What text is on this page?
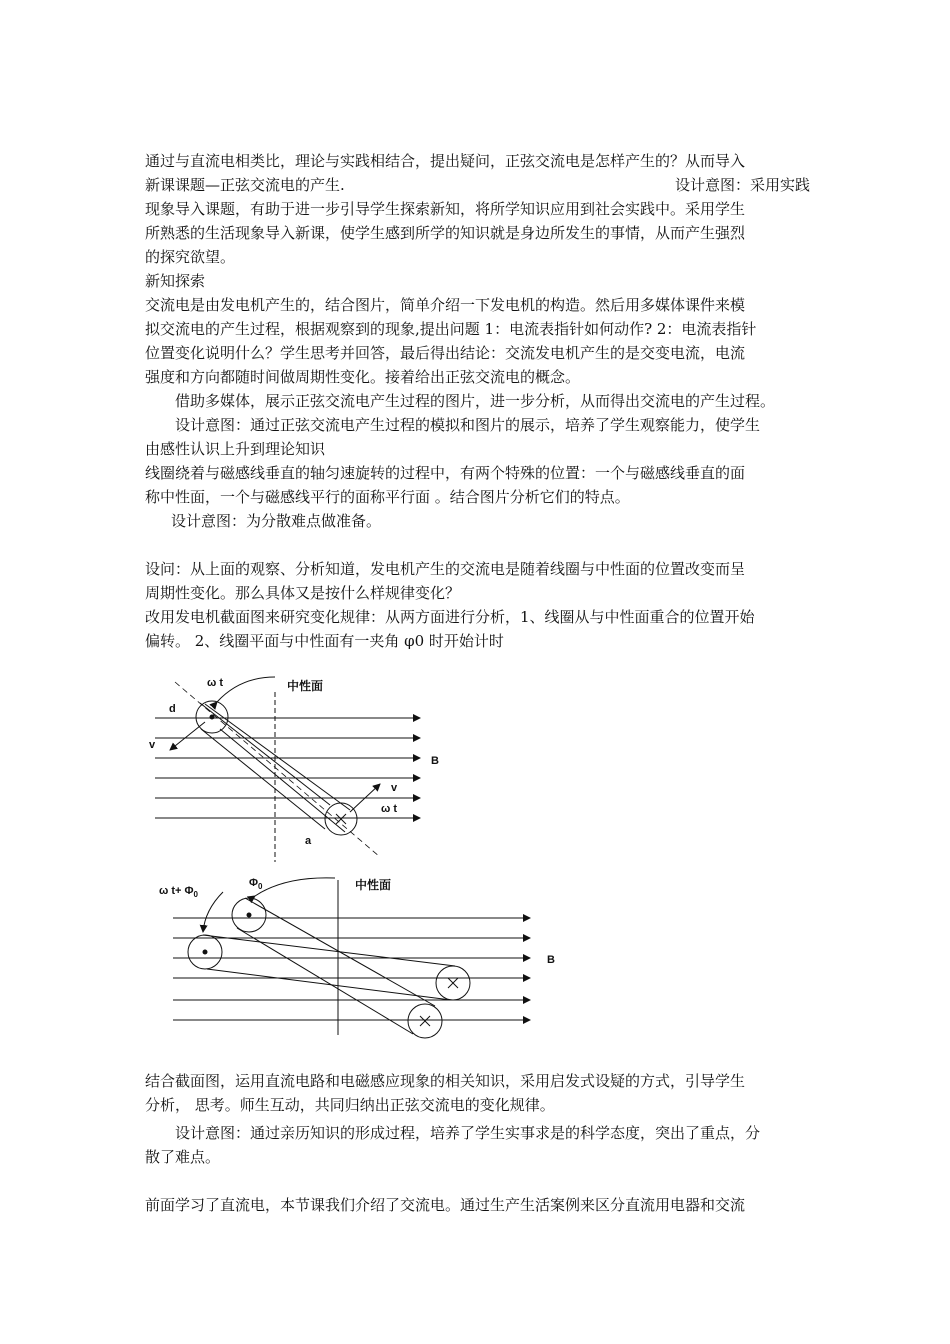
通过与直流电相类比，理论与实践相结合，提出疑问，正弦交流电是怎样产生的？从而导入
新课课题—正弦交流电的产生.	设计意图：采用实践
现象导入课题，有助于进一步引导学生探索新知，将所学知识应用到社会实践中。采用学生
所熟悉的生活现象导入新课，使学生感到所学的知识就是身边所发生的事情，从而产生强烈
的探究欲望。
新知探索
交流电是由发电机产生的，结合图片，简单介绍一下发电机的构造。然后用多媒体课件来模
拟交流电的产生过程，根据观察到的现象,提出问题 1：电流表指针如何动作? 2：电流表指针
位置变化说明什么？学生思考并回答，最后得出结论：交流发电机产生的是交变电流，电流
强度和方向都随时间做周期性变化。接着给出正弦交流电的概念。
借助多媒体，展示正弦交流电产生过程的图片，进一步分析，从而得出交流电的产生过程。
设计意图：通过正弦交流电产生过程的模拟和图片的展示，培养了学生观察能力，使学生
由感性认识上升到理论知识
线圈绕着与磁感线垂直的轴匀速旋转的过程中，有两个特殊的位置：一个与磁感线垂直的面
称中性面，一个与磁感线平行的面称平行面 。结合图片分析它们的特点。
设计意图：为分散难点做准备。
设问：从上面的观察、分析知道，发电机产生的交流电是随着线圈与中性面的位置改变而呈
周期性变化。那么具体又是按什么样规律变化？
改用发电机截面图来研究变化规律：从两方面进行分析，1、线圈从与中性面重合的位置开始
偏转。 2、线圈平面与中性面有一夹角 φ0 时开始计时
ω t	中性面
d
v
B
v
ω t
a
ω $t+ \Phi_0$
$\Phi_0$	中性面
B
结合截面图，运用直流电路和电磁感应现象的相关知识，采用启发式设疑的方式，引导学生
分析， 思考。师生互动，共同归纳出正弦交流电的变化规律。
设计意图：通过亲历知识的形成过程，培养了学生实事求是的科学态度，突出了重点，分
散了难点。
前面学习了直流电，本节课我们介绍了交流电。通过生产生活案例来区分直流用电器和交流
